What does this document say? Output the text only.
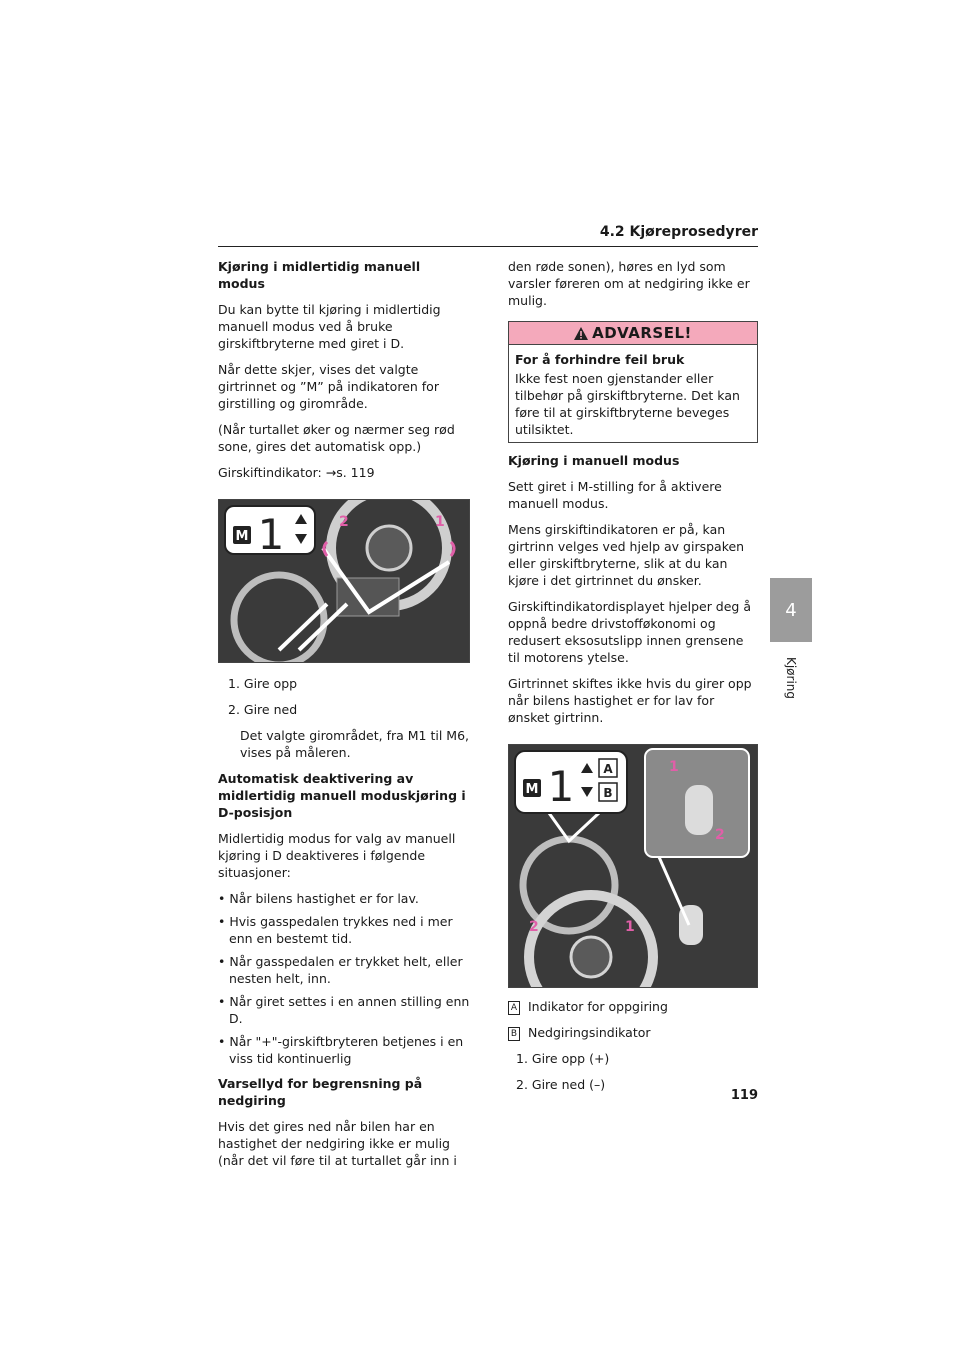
4.2 Kjøreprosedyrer
4
Kjøring

Kjøring i midlertidig manuell modus

Du kan bytte til kjøring i midlertidig manuell modus ved å bruke girskiftbryterne med giret i D.

Når dette skjer, vises det valgte girtrinnet og ”M” på indikatoren for girstilling og girområde.

(Når turtallet øker og nærmer seg rød sone, gires det automatisk opp.)

Girskiftindikator: →s. 119

M 1	2	1

1. Gire opp

2. Gire ned

Det valgte girområdet, fra M1 til M6, vises på måleren.

Automatisk deaktivering av midlertidig manuell moduskjøring i D-posisjon

Midlertidig modus for valg av manuell kjøring i D deaktiveres i følgende situasjoner:

• Når bilens hastighet er for lav.
• Hvis gasspedalen trykkes ned i mer enn en bestemt tid.
• Når gasspedalen er trykket helt, eller nesten helt, inn.
• Når giret settes i en annen stilling enn D.
• Når "+"-girskiftbryteren betjenes i en viss tid kontinuerlig

Varsellyd for begrensning på nedgiring

Hvis det gires ned når bilen har en hastighet der nedgiring ikke er mulig (når det vil føre til at turtallet går inn i

den røde sonen), høres en lyd som varsler føreren om at nedgiring ikke er mulig.

ADVARSEL!

For å forhindre feil bruk

Ikke fest noen gjenstander eller tilbehør på girskiftbryterne. Det kan føre til at girskiftbryterne beveges utilsiktet.

Kjøring i manuell modus

Sett giret i M-stilling for å aktivere manuell modus.

Mens girskiftindikatoren er på, kan girtrinn velges ved hjelp av girspaken eller girskiftbryterne, slik at du kan kjøre i det girtrinnet du ønsker.

Girskiftindikatordisplayet hjelper deg å oppnå bedre drivstofføkonomi og redusert eksosutslipp innen grensene til motorens ytelse.

Girtrinnet skiftes ikke hvis du girer opp når bilens hastighet er for lav for ønsket girtrinn.

M 1 A
B
1
2
2	1

A Indikator for oppgiring

B Nedgiringsindikator

1. Gire opp (+)

2. Gire ned (–)

119
